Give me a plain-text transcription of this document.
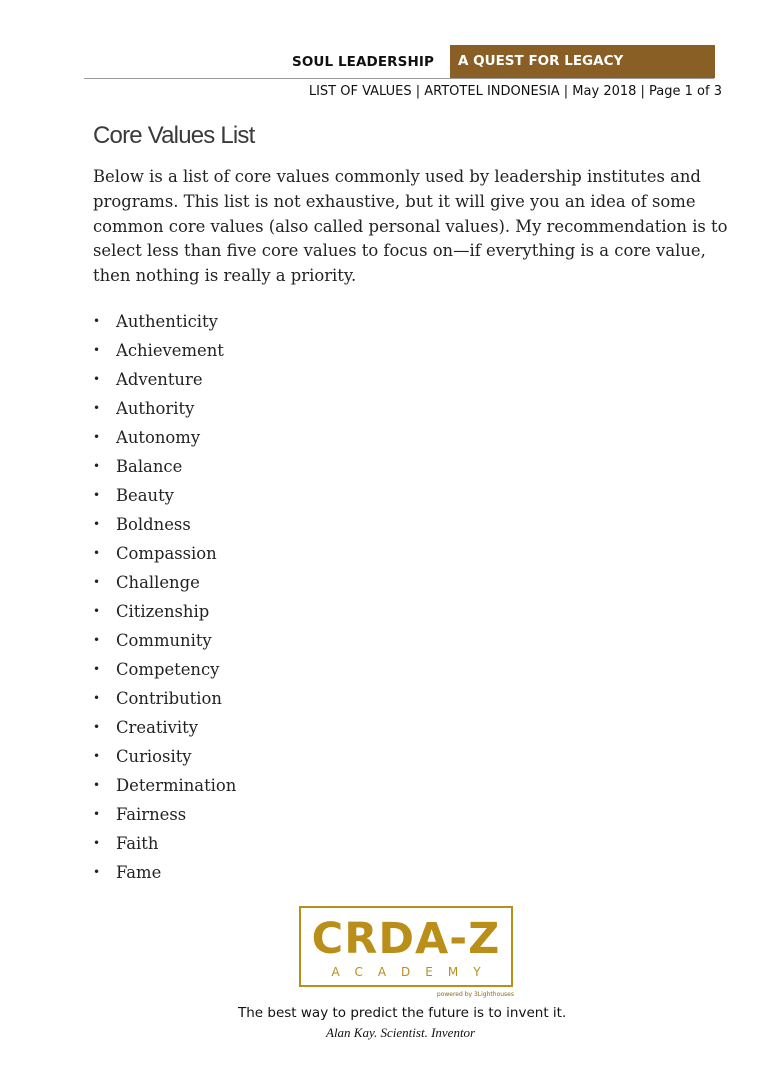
SOUL LEADERSHIP	A QUEST FOR LEGACY
LIST OF VALUES | ARTOTEL INDONESIA | May 2018 | Page 1 of 3
Core Values List

Below is a list of core values commonly used by leadership institutes and programs. This list is not exhaustive, but it will give you an idea of some common core values (also called personal values). My recommendation is to select less than five core values to focus on—if everything is a core value, then nothing is really a priority.

• Authenticity
• Achievement
• Adventure
• Authority
• Autonomy
• Balance
• Beauty
• Boldness
• Compassion
• Challenge
• Citizenship
• Community
• Competency
• Contribution
• Creativity
• Curiosity
• Determination
• Fairness
• Faith
• Fame
CRDA-Z
ACADEMY
powered by 3Lighthouses
The best way to predict the future is to invent it.
Alan Kay. Scientist. Inventor
